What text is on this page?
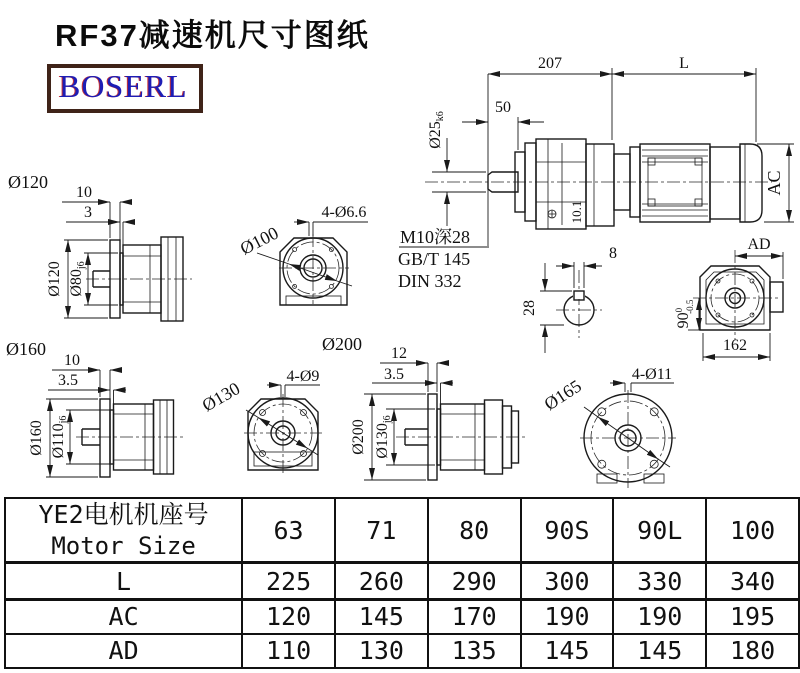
RF37减速机尺寸图纸
BOSERL
10.1
207	L
50
Ø25k6
AC
M10深28
GB/T 145
DIN 332
8
28
AD
$90^0-0.5$
162
Ø120
10
3
Ø120 Ø80j6
4-Ø6.6
Ø100
Ø160
10
3.5
Ø160 Ø110j6
Ø200 12
3.5
Ø200 Ø130j6
4-Ø9
Ø130
4-Ø11
Ø165
YE2电机机座号
Motor Size	63	71	80	90S	90L	100
L	225	260	290	300	330	340
AC	120	145	170	190	190	195
AD	110	130	135	145	145	180
